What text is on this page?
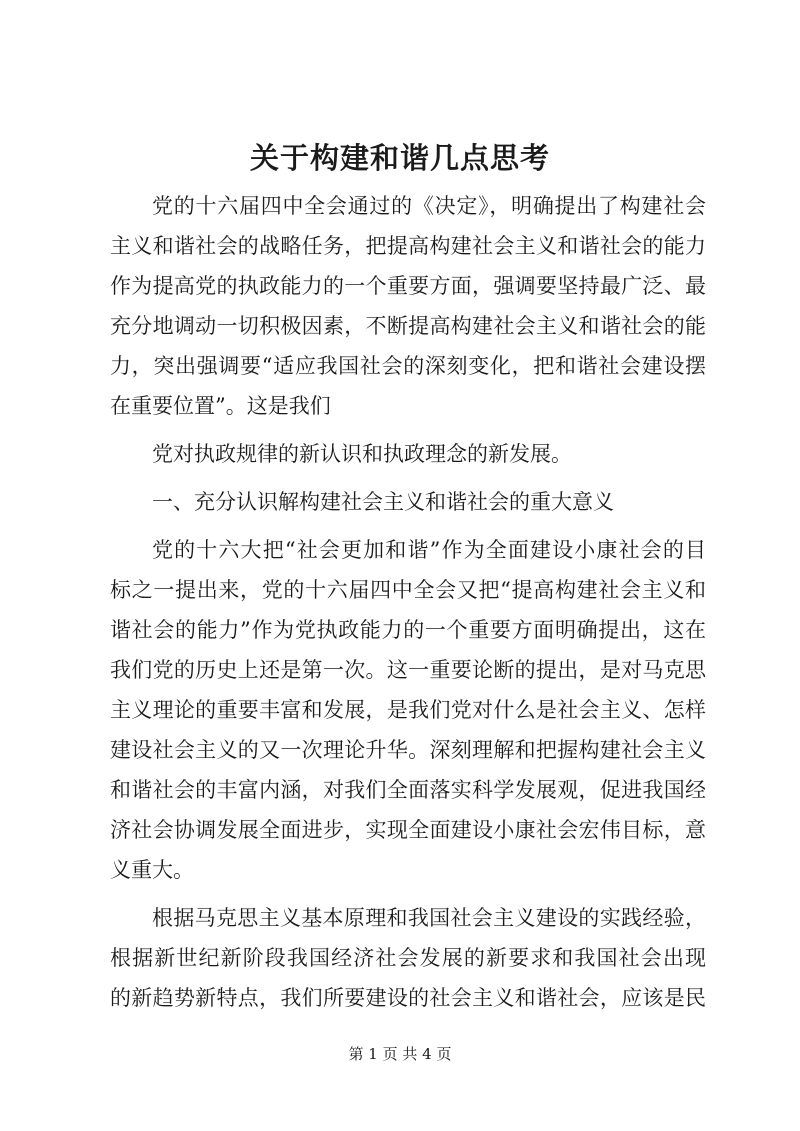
关于构建和谐几点思考
党的十六届四中全会通过的《决定》，明确提出了构建社会
主义和谐社会的战略任务，把提高构建社会主义和谐社会的能力
作为提高党的执政能力的一个重要方面，强调要坚持最广泛、最
充分地调动一切积极因素，不断提高构建社会主义和谐社会的能
力，突出强调要“适应我国社会的深刻变化，把和谐社会建设摆
在重要位置”。这是我们
党对执政规律的新认识和执政理念的新发展。
一、充分认识解构建社会主义和谐社会的重大意义
党的十六大把“社会更加和谐”作为全面建设小康社会的目
标之一提出来，党的十六届四中全会又把“提高构建社会主义和
谐社会的能力”作为党执政能力的一个重要方面明确提出，这在
我们党的历史上还是第一次。这一重要论断的提出，是对马克思
主义理论的重要丰富和发展，是我们党对什么是社会主义、怎样
建设社会主义的又一次理论升华。深刻理解和把握构建社会主义
和谐社会的丰富内涵，对我们全面落实科学发展观，促进我国经
济社会协调发展全面进步，实现全面建设小康社会宏伟目标，意
义重大。
根据马克思主义基本原理和我国社会主义建设的实践经验，
根据新世纪新阶段我国经济社会发展的新要求和我国社会出现
的新趋势新特点，我们所要建设的社会主义和谐社会，应该是民
第 1 页 共 4 页
